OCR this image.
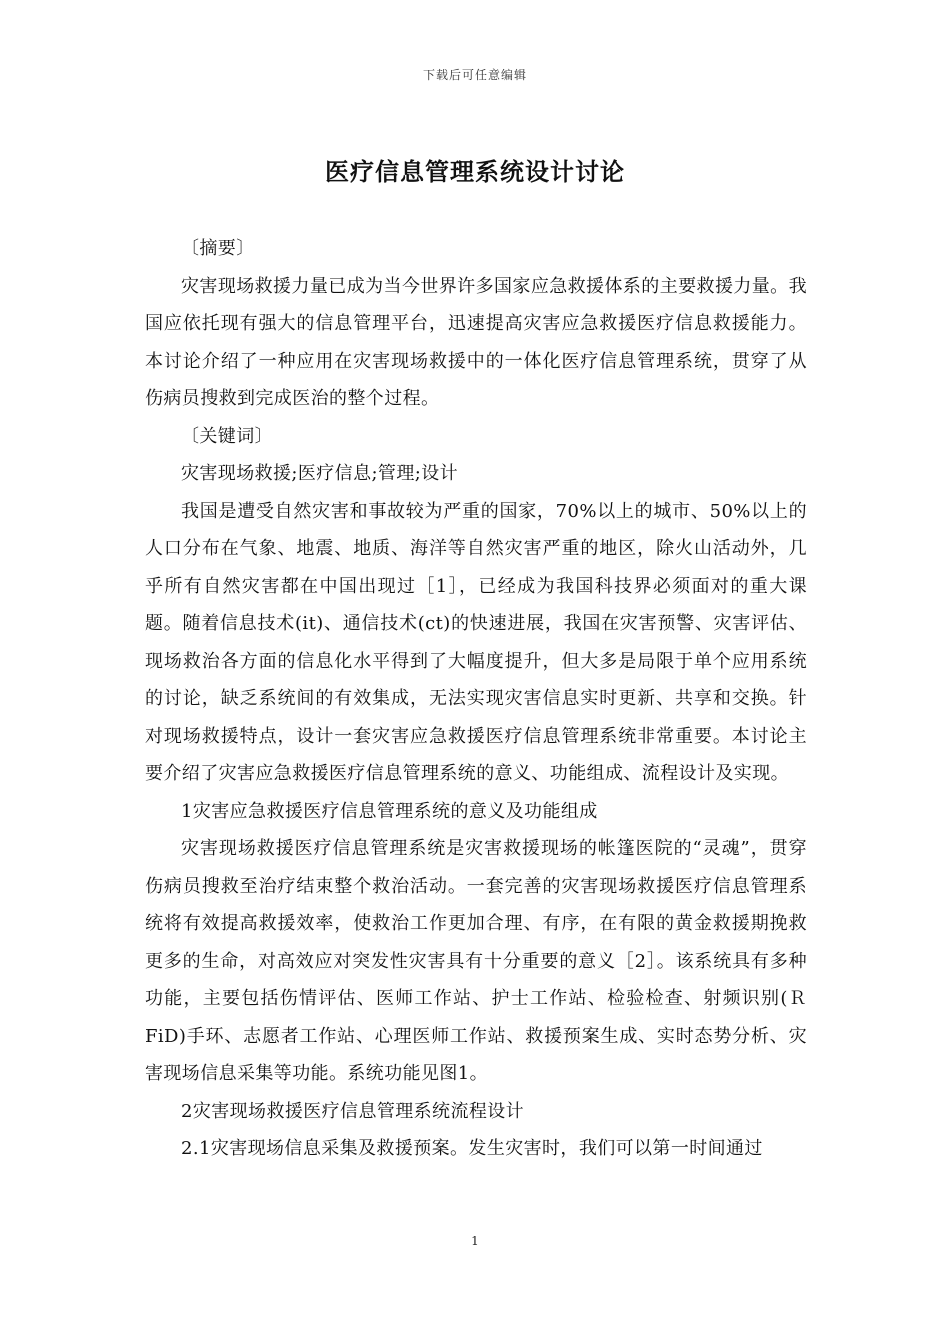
下载后可任意编辑
医疗信息管理系统设计讨论

〔摘要〕

灾害现场救援力量已成为当今世界许多国家应急救援体系的主要救援力量。我国应依托现有强大的信息管理平台，迅速提高灾害应急救援医疗信息救援能力。本讨论介绍了一种应用在灾害现场救援中的一体化医疗信息管理系统，贯穿了从伤病员搜救到完成医治的整个过程。

〔关键词〕

灾害现场救援;医疗信息;管理;设计

我国是遭受自然灾害和事故较为严重的国家，70%以上的城市、50%以上的人口分布在气象、地震、地质、海洋等自然灾害严重的地区，除火山活动外，几乎所有自然灾害都在中国出现过［1］，已经成为我国科技界必须面对的重大课题。随着信息技术(it)、通信技术(ct)的快速进展，我国在灾害预警、灾害评估、现场救治各方面的信息化水平得到了大幅度提升，但大多是局限于单个应用系统的讨论，缺乏系统间的有效集成，无法实现灾害信息实时更新、共享和交换。针对现场救援特点，设计一套灾害应急救援医疗信息管理系统非常重要。本讨论主要介绍了灾害应急救援医疗信息管理系统的意义、功能组成、流程设计及实现。

1灾害应急救援医疗信息管理系统的意义及功能组成

灾害现场救援医疗信息管理系统是灾害救援现场的帐篷医院的“灵魂”，贯穿伤病员搜救至治疗结束整个救治活动。一套完善的灾害现场救援医疗信息管理系统将有效提高救援效率，使救治工作更加合理、有序，在有限的黄金救援期挽救更多的生命，对高效应对突发性灾害具有十分重要的意义［2］。该系统具有多种功能，主要包括伤情评估、医师工作站、护士工作站、检验检查、射频识别(ＲFiD)手环、志愿者工作站、心理医师工作站、救援预案生成、实时态势分析、灾害现场信息采集等功能。系统功能见图1。

2灾害现场救援医疗信息管理系统流程设计

2.1灾害现场信息采集及救援预案。发生灾害时，我们可以第一时间通过

1
